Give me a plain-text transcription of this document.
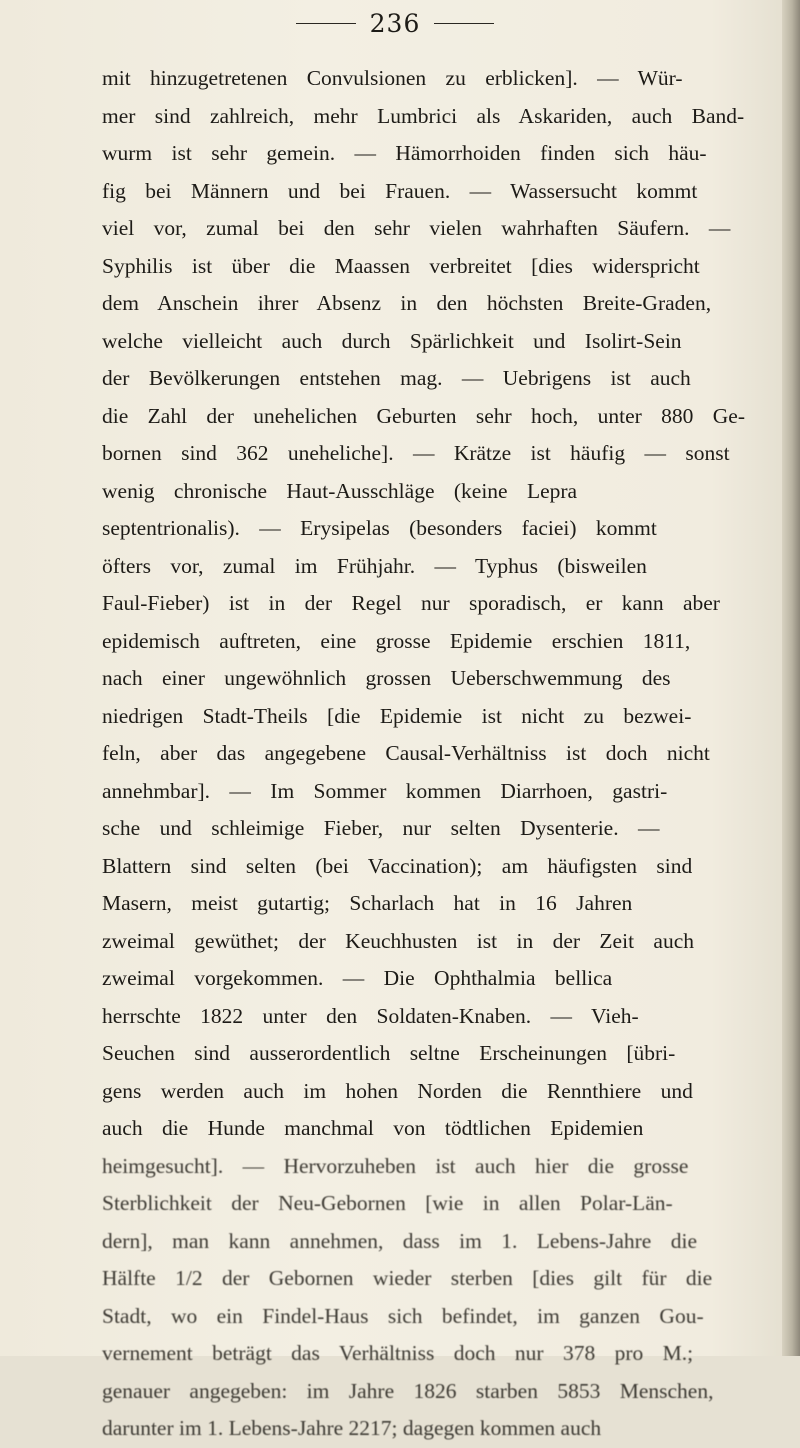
236
mit hinzugetretenen Convulsionen zu erblicken]. — Wür-
mer sind zahlreich, mehr Lumbrici als Askariden, auch Band-
wurm ist sehr gemein. — Hämorrhoiden finden sich häu-
fig bei Männern und bei Frauen. — Wassersucht kommt
viel vor, zumal bei den sehr vielen wahrhaften Säufern. —
Syphilis ist über die Maassen verbreitet [dies widerspricht
dem Anschein ihrer Absenz in den höchsten Breite-Graden,
welche vielleicht auch durch Spärlichkeit und Isolirt-Sein
der Bevölkerungen entstehen mag. — Uebrigens ist auch
die Zahl der unehelichen Geburten sehr hoch, unter 880 Ge-
bornen sind 362 uneheliche]. — Krätze ist häufig — sonst
wenig chronische Haut-Ausschläge (keine Lepra
septentrionalis). — Erysipelas (besonders faciei) kommt
öfters vor, zumal im Frühjahr. — Typhus (bisweilen
Faul-Fieber) ist in der Regel nur sporadisch, er kann aber
epidemisch auftreten, eine grosse Epidemie erschien 1811,
nach einer ungewöhnlich grossen Ueberschwemmung des
niedrigen Stadt-Theils [die Epidemie ist nicht zu bezwei-
feln, aber das angegebene Causal-Verhältniss ist doch nicht
annehmbar]. — Im Sommer kommen Diarrhoen, gastri-
sche und schleimige Fieber, nur selten Dysenterie. —
Blattern sind selten (bei Vaccination); am häufigsten sind
Masern, meist gutartig; Scharlach hat in 16 Jahren
zweimal gewüthet; der Keuchhusten ist in der Zeit auch
zweimal vorgekommen. — Die Ophthalmia bellica
herrschte 1822 unter den Soldaten-Knaben. — Vieh-
Seuchen sind ausserordentlich seltne Erscheinungen [übri-
gens werden auch im hohen Norden die Rennthiere und
auch die Hunde manchmal von tödtlichen Epidemien
heimgesucht]. — Hervorzuheben ist auch hier die grosse
Sterblichkeit der Neu-Gebornen [wie in allen Polar-Län-
dern], man kann annehmen, dass im 1. Lebens-Jahre die
Hälfte 1/2 der Gebornen wieder sterben [dies gilt für die
Stadt, wo ein Findel-Haus sich befindet, im ganzen Gou-
vernement beträgt das Verhältniss doch nur 378 pro M.;
genauer angegeben: im Jahre 1826 starben 5853 Menschen,
darunter im 1. Lebens-Jahre 2217; dagegen kommen auch
